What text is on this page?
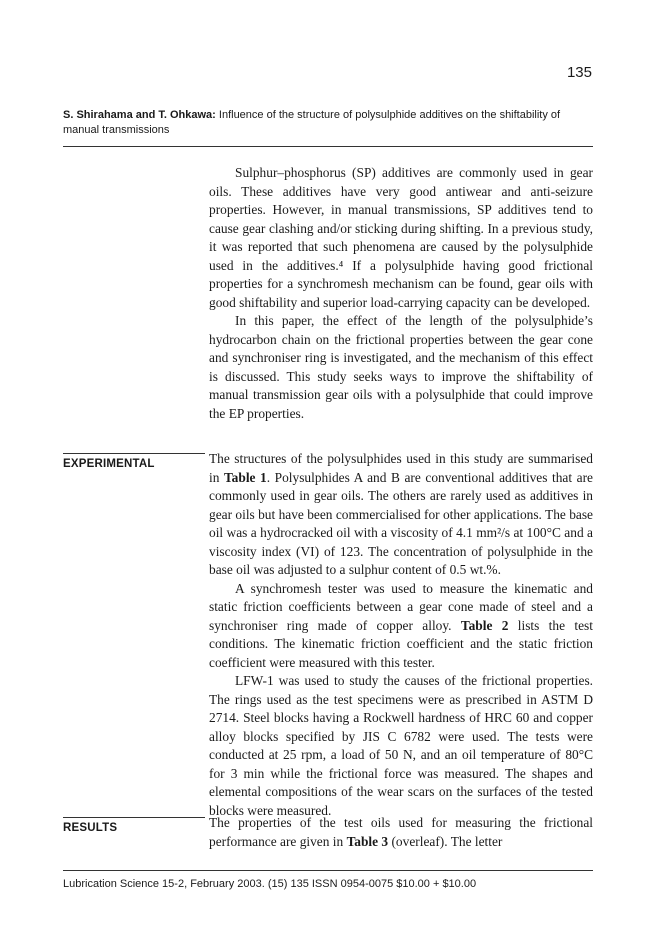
135
S. Shirahama and T. Ohkawa: Influence of the structure of polysulphide additives on the shiftability of manual transmissions

Sulphur–phosphorus (SP) additives are commonly used in gear oils. These additives have very good antiwear and anti-seizure properties. However, in manual transmissions, SP additives tend to cause gear clashing and/or sticking during shifting. In a previous study, it was reported that such phenomena are caused by the polysulphide used in the additives.⁴ If a polysulphide having good frictional properties for a synchromesh mechanism can be found, gear oils with good shiftability and superior load-carrying capacity can be developed.

In this paper, the effect of the length of the polysulphide’s hydrocarbon chain on the frictional properties between the gear cone and synchroniser ring is investigated, and the mechanism of this effect is discussed. This study seeks ways to improve the shiftability of manual transmission gear oils with a polysulphide that could improve the EP properties.

EXPERIMENTAL	The structures of the polysulphides used in this study are summarised in Table 1. Polysulphides A and B are conventional additives that are commonly used in gear oils. The others are rarely used as additives in gear oils but have been commercialised for other applications. The base oil was a hydrocracked oil with a viscosity of 4.1 mm²/s at 100°C and a viscosity index (VI) of 123. The concentration of polysulphide in the base oil was adjusted to a sulphur content of 0.5 wt.%.

A synchromesh tester was used to measure the kinematic and static friction coefficients between a gear cone made of steel and a synchroniser ring made of copper alloy. Table 2 lists the test conditions. The kinematic friction coefficient and the static friction coefficient were measured with this tester.

LFW-1 was used to study the causes of the frictional properties. The rings used as the test specimens were as prescribed in ASTM D 2714. Steel blocks having a Rockwell hardness of HRC 60 and copper alloy blocks specified by JIS C 6782 were used. The tests were conducted at 25 rpm, a load of 50 N, and an oil temperature of 80°C for 3 min while the frictional force was measured. The shapes and elemental compositions of the wear scars on the surfaces of the tested blocks were measured.

RESULTS	The properties of the test oils used for measuring the frictional performance are given in Table 3 (overleaf). The letter

Lubrication Science 15-2, February 2003. (15) 135 ISSN 0954-0075 $10.00 + $10.00
